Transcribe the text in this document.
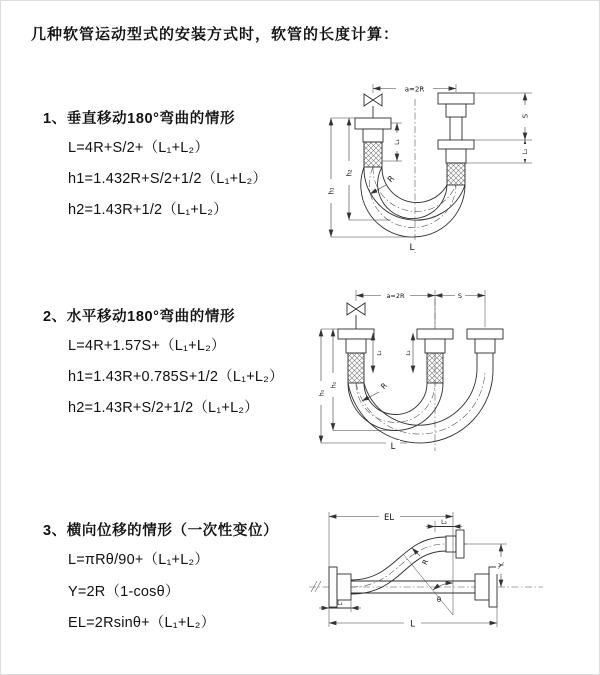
几种软管运动型式的安装方式时，软管的长度计算：
1、垂直移动180°弯曲的情形
L=4R+S/2+（L₁+L₂）
h1=1.432R+S/2+1/2（L₁+L₂）
h2=1.43R+1/2（L₁+L₂）
2、水平移动180°弯曲的情形
L=4R+1.57S+（L₁+L₂）
h1=1.43R+0.785S+1/2（L₁+L₂）
h2=1.43R+S/2+1/2（L₁+L₂）
3、横向位移的情形（一次性变位）
L=πRθ/90+（L₁+L₂）
Y=2R（1-cosθ）
EL=2Rsinθ+（L₁+L₂）
a=2R
h₁
h₂
L₁
S
L₂
R
L
a=2R	S
h₁
h₂
L₁	L₂
R
L
Y
EL	L₂
L
L₁
R
θ
